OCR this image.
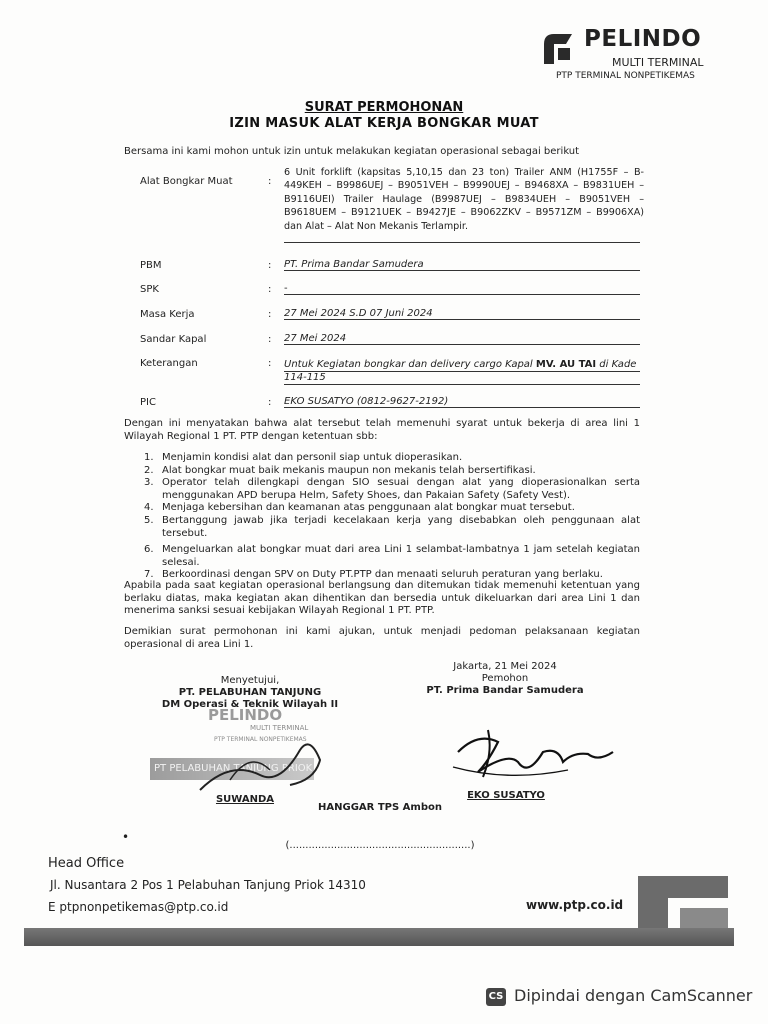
PELINDO
MULTI TERMINAL
PTP TERMINAL NONPETIKEMAS
SURAT PERMOHONAN
IZIN MASUK ALAT KERJA BONGKAR MUAT
Bersama ini kami mohon untuk izin untuk melakukan kegiatan operasional sebagai berikut
Alat Bongkar Muat	:
6 Unit forklift (kapsitas 5,10,15 dan 23 ton) Trailer ANM (H1755F – B-449KEH – B9986UEJ – B9051VEH – B9990UEJ – B9468XA – B9831UEH – B9116UEI) Trailer Haulage (B9987UEJ – B9834UEH – B9051VEH – B9618UEM – B9121UEK – B9427JE – B9062ZKV – B9571ZM – B9906XA) dan Alat – Alat Non Mekanis Terlampir.
PBM	: PT. Prima Bandar Samudera
SPK	: -
Masa Kerja	: 27 Mei 2024 S.D 07 Juni 2024
Sandar Kapal	: 27 Mei 2024
Keterangan	: Untuk Kegiatan bongkar dan delivery cargo Kapal MV. AU TAI di Kade 114-115
PIC	: EKO SUSATYO (0812-9627-2192)
Dengan ini menyatakan bahwa alat tersebut telah memenuhi syarat untuk bekerja di area lini 1 Wilayah Regional 1 PT. PTP dengan ketentuan sbb:
1. Menjamin kondisi alat dan personil siap untuk dioperasikan.
2. Alat bongkar muat baik mekanis maupun non mekanis telah bersertifikasi.
3. Operator telah dilengkapi dengan SIO sesuai dengan alat yang dioperasionalkan serta menggunakan APD berupa Helm, Safety Shoes, dan Pakaian Safety (Safety Vest).
4. Menjaga kebersihan dan keamanan atas penggunaan alat bongkar muat tersebut.
5. Bertanggung jawab jika terjadi kecelakaan kerja yang disebabkan oleh penggunaan alat tersebut.
6. Mengeluarkan alat bongkar muat dari area Lini 1 selambat-lambatnya 1 jam setelah kegiatan selesai.
7. Berkoordinasi dengan SPV on Duty PT.PTP dan menaati seluruh peraturan yang berlaku.
Apabila pada saat kegiatan operasional berlangsung dan ditemukan tidak memenuhi ketentuan yang berlaku diatas, maka kegiatan akan dihentikan dan bersedia untuk dikeluarkan dari area Lini 1 dan menerima sanksi sesuai kebijakan Wilayah Regional 1 PT. PTP.
Demikian surat permohonan ini kami ajukan, untuk menjadi pedoman pelaksanaan kegiatan operasional di area Lini 1.
Jakarta, 21 Mei 2024
Pemohon
PT. Prima Bandar Samudera
Menyetujui,
PT. PELABUHAN TANJUNG
DM Operasi & Teknik Wilayah II
PELINDO
MULTI TERMINAL
PTP TERMINAL NONPETIKEMAS
PT PELABUHAN TANJUNG PRIOK
SUWANDA	EKO SUSATYO
HANGGAR TPS Ambon
•
(.........................................................)
Head Office
Jl. Nusantara 2 Pos 1 Pelabuhan Tanjung Priok 14310
E ptpnonpetikemas@ptp.co.id	www.ptp.co.id
CS Dipindai dengan CamScanner
